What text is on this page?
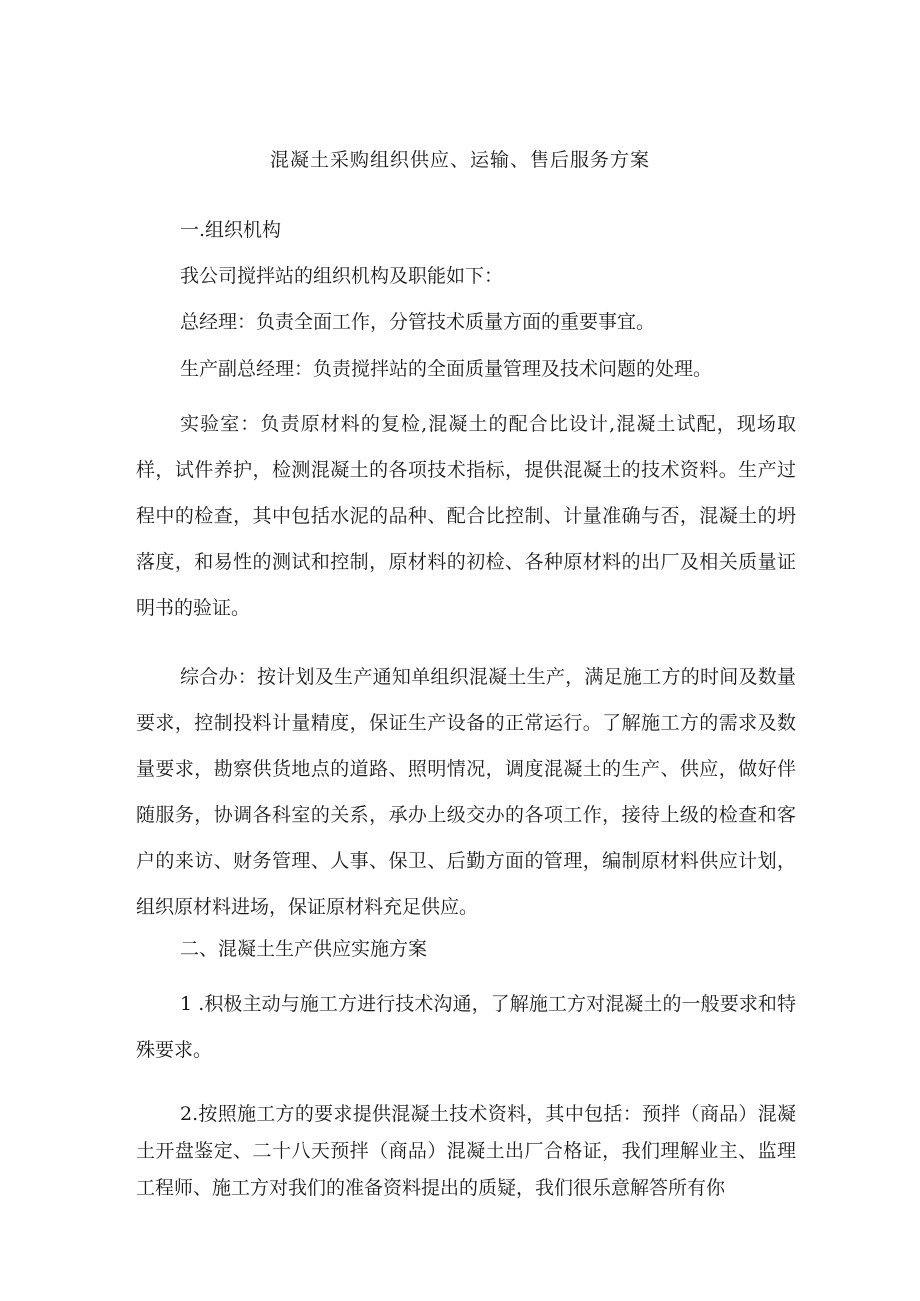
混凝土采购组织供应、运输、售后服务方案
一.组织机构
我公司搅拌站的组织机构及职能如下：
总经理：负责全面工作，分管技术质量方面的重要事宜。
生产副总经理：负责搅拌站的全面质量管理及技术问题的处理。
实验室：负责原材料的复检,混凝土的配合比设计,混凝土试配，现场取样，试件养护，检测混凝土的各项技术指标，提供混凝土的技术资料。生产过程中的检查，其中包括水泥的品种、配合比控制、计量准确与否，混凝土的坍落度，和易性的测试和控制，原材料的初检、各种原材料的出厂及相关质量证明书的验证。
综合办：按计划及生产通知单组织混凝土生产，满足施工方的时间及数量要求，控制投料计量精度，保证生产设备的正常运行。了解施工方的需求及数量要求，勘察供货地点的道路、照明情况，调度混凝土的生产、供应，做好伴随服务，协调各科室的关系，承办上级交办的各项工作，接待上级的检查和客户的来访、财务管理、人事、保卫、后勤方面的管理，编制原材料供应计划，组织原材料进场，保证原材料充足供应。
二、混凝土生产供应实施方案
1 .积极主动与施工方进行技术沟通，了解施工方对混凝土的一般要求和特殊要求。
2.按照施工方的要求提供混凝土技术资料，其中包括：预拌（商品）混凝土开盘鉴定、二十八天预拌（商品）混凝土出厂合格证，我们理解业主、监理工程师、施工方对我们的准备资料提出的质疑，我们很乐意解答所有你
